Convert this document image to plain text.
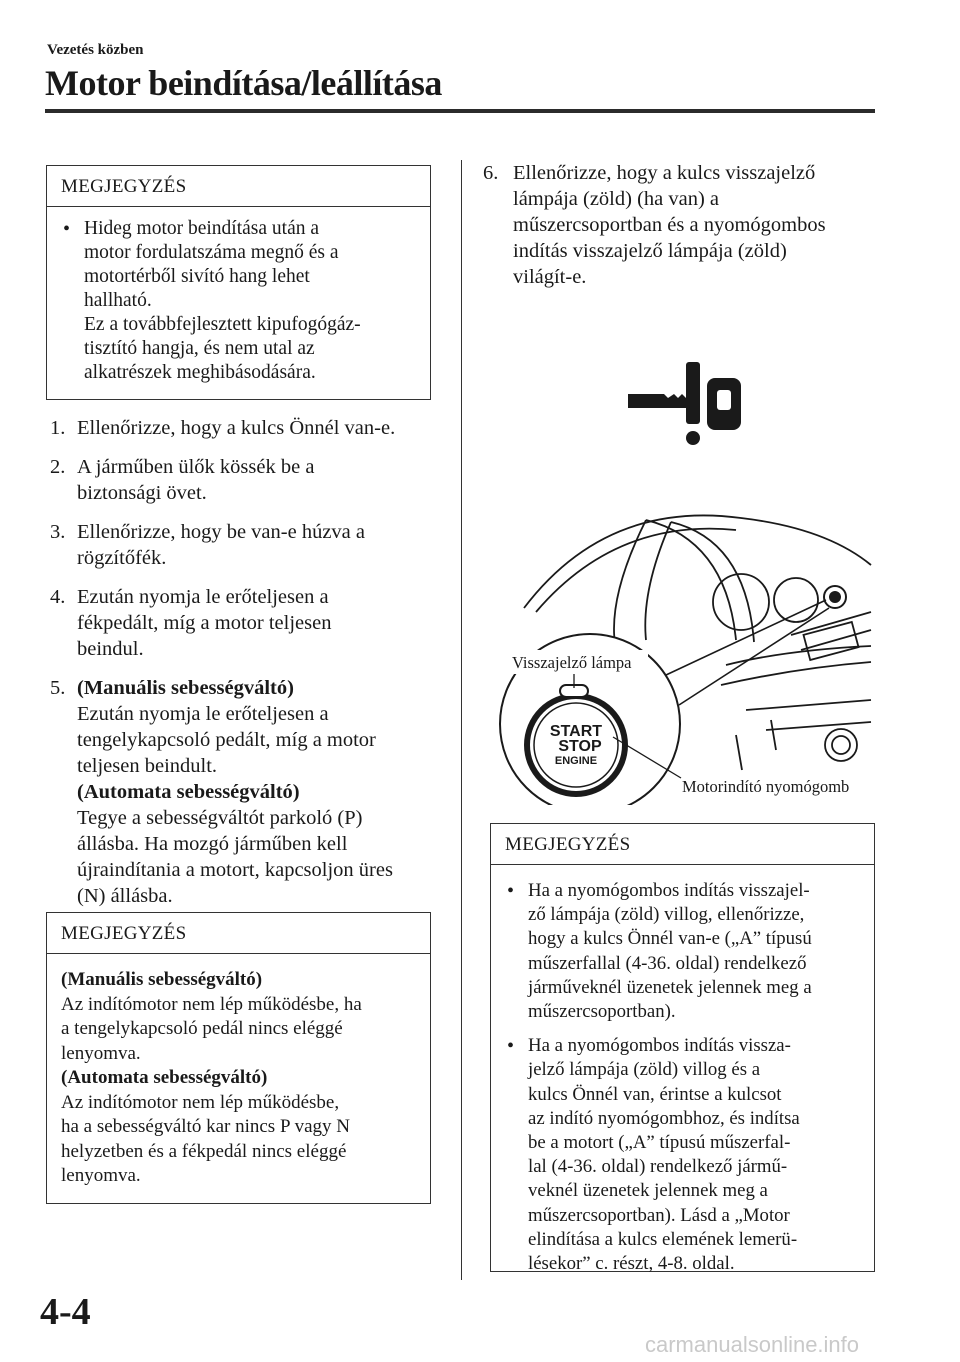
Vezetés közben
Motor beindítása/leállítása
MEGJEGYZÉS
• Hideg motor beindítása után a
motor fordulatszáma megnő és a
motortérből sivító hang lehet
hallható.
Ez a továbbfejlesztett kipufogógáz-
tisztító hangja, és nem utal az
alkatrészek meghibásodására.
1. Ellenőrizze, hogy a kulcs Önnél van-e.
2. A járműben ülők kössék be a
biztonsági övet.
3. Ellenőrizze, hogy be van-e húzva a
rögzítőfék.
4. Ezután nyomja le erőteljesen a
fékpedált, míg a motor teljesen
beindul.
5. (Manuális sebességváltó)
Ezután nyomja le erőteljesen a
tengelykapcsoló pedált, míg a motor
teljesen beindult.
(Automata sebességváltó)
Tegye a sebességváltót parkoló (P)
állásba. Ha mozgó járműben kell
újraindítania a motort, kapcsoljon üres
(N) állásba.
MEGJEGYZÉS
(Manuális sebességváltó)
Az indítómotor nem lép működésbe, ha
a tengelykapcsoló pedál nincs eléggé
lenyomva.
(Automata sebességváltó)
Az indítómotor nem lép működésbe,
ha a sebességváltó kar nincs P vagy N
helyzetben és a fékpedál nincs eléggé
lenyomva.
6. Ellenőrizze, hogy a kulcs visszajelző
lámpája (zöld) (ha van) a
műszercsoportban és a nyomógombos
indítás visszajelző lámpája (zöld)
világít-e.
!
START
STOP
ENGINE
Visszajelző lámpa
Motorindító nyomógomb
MEGJEGYZÉS
• Ha a nyomógombos indítás visszajel-
ző lámpája (zöld) villog, ellenőrizze,
hogy a kulcs Önnél van-e („A” típusú
műszerfallal (4-36. oldal) rendelkező
járműveknél üzenetek jelennek meg a
műszercsoportban).
• Ha a nyomógombos indítás vissza-
jelző lámpája (zöld) villog és a
kulcs Önnél van, érintse a kulcsot
az indító nyomógombhoz, és indítsa
be a motort („A” típusú műszerfal-
lal (4-36. oldal) rendelkező jármű-
veknél üzenetek jelennek meg a
műszercsoportban). Lásd a „Motor
elindítása a kulcs elemének lemerü-
lésekor” c. részt, 4-8. oldal.
4-4
carmanualsonline.info
